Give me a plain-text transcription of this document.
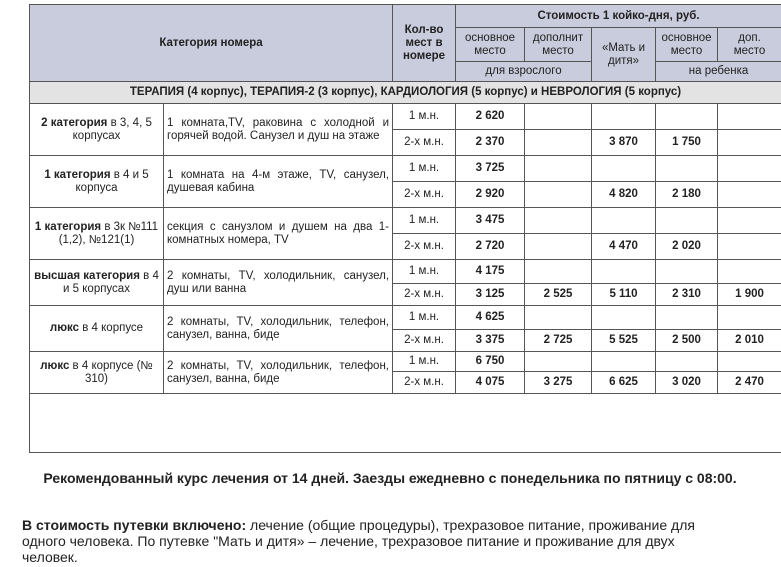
Категория номера		Кол-во мест в номере	Стоимость 1 койко-дня, руб.				
			основное место	дополнит место	«Мать и дитя»	основное место	доп. место
			для взрослого			на ребенка	
ТЕРАПИЯ (4 корпус), ТЕРАПИЯ-2 (3 корпус), КАРДИОЛОГИЯ (5 корпус) и НЕВРОЛОГИЯ (5 корпус)							
2 категория в 3, 4, 5 корпусах	1 комната,TV, раковина с холодной и горячей водой. Санузел и душ на этаже	1 м.н.	2 620				
		2-х м.н.	2 370		3 870	1 750	
1 категория в 4 и 5 корпуса	1 комната на 4-м этаже, TV, санузел, душевая кабина	1 м.н.	3 725				
		2-х м.н.	2 920		4 820	2 180	
1 категория в 3к №111 (1,2), №121(1)	секция с санузлом и душем на два 1-комнатных номера, TV	1 м.н.	3 475				
		2-х м.н.	2 720		4 470	2 020	
высшая категория в 4 и 5 корпусах	2 комнаты, TV, холодильник, санузел, душ или ванна	1 м.н.	4 175				
		2-х м.н.	3 125	2 525	5 110	2 310	1 900
люкс в 4 корпусе	2 комнаты, TV, холодильник, телефон, санузел, ванна, биде	1 м.н.	4 625				
		2-х м.н.	3 375	2 725	5 525	2 500	2 010
люкс в 4 корпусе (№ 310)	2 комнаты, TV, холодильник, телефон, санузел, ванна, биде	1 м.н.	6 750				
		2-х м.н.	4 075	3 275	6 625	3 020	2 470

Рекомендованный курс лечения от 14 дней. Заезды ежедневно с понедельника по пятницу с 08:00.
В стоимость путевки включено: лечение (общие процедуры), трехразовое питание, проживание для одного человека. По путевке "Мать и дитя» – лечение, трехразовое питание и проживание для двух человек.
